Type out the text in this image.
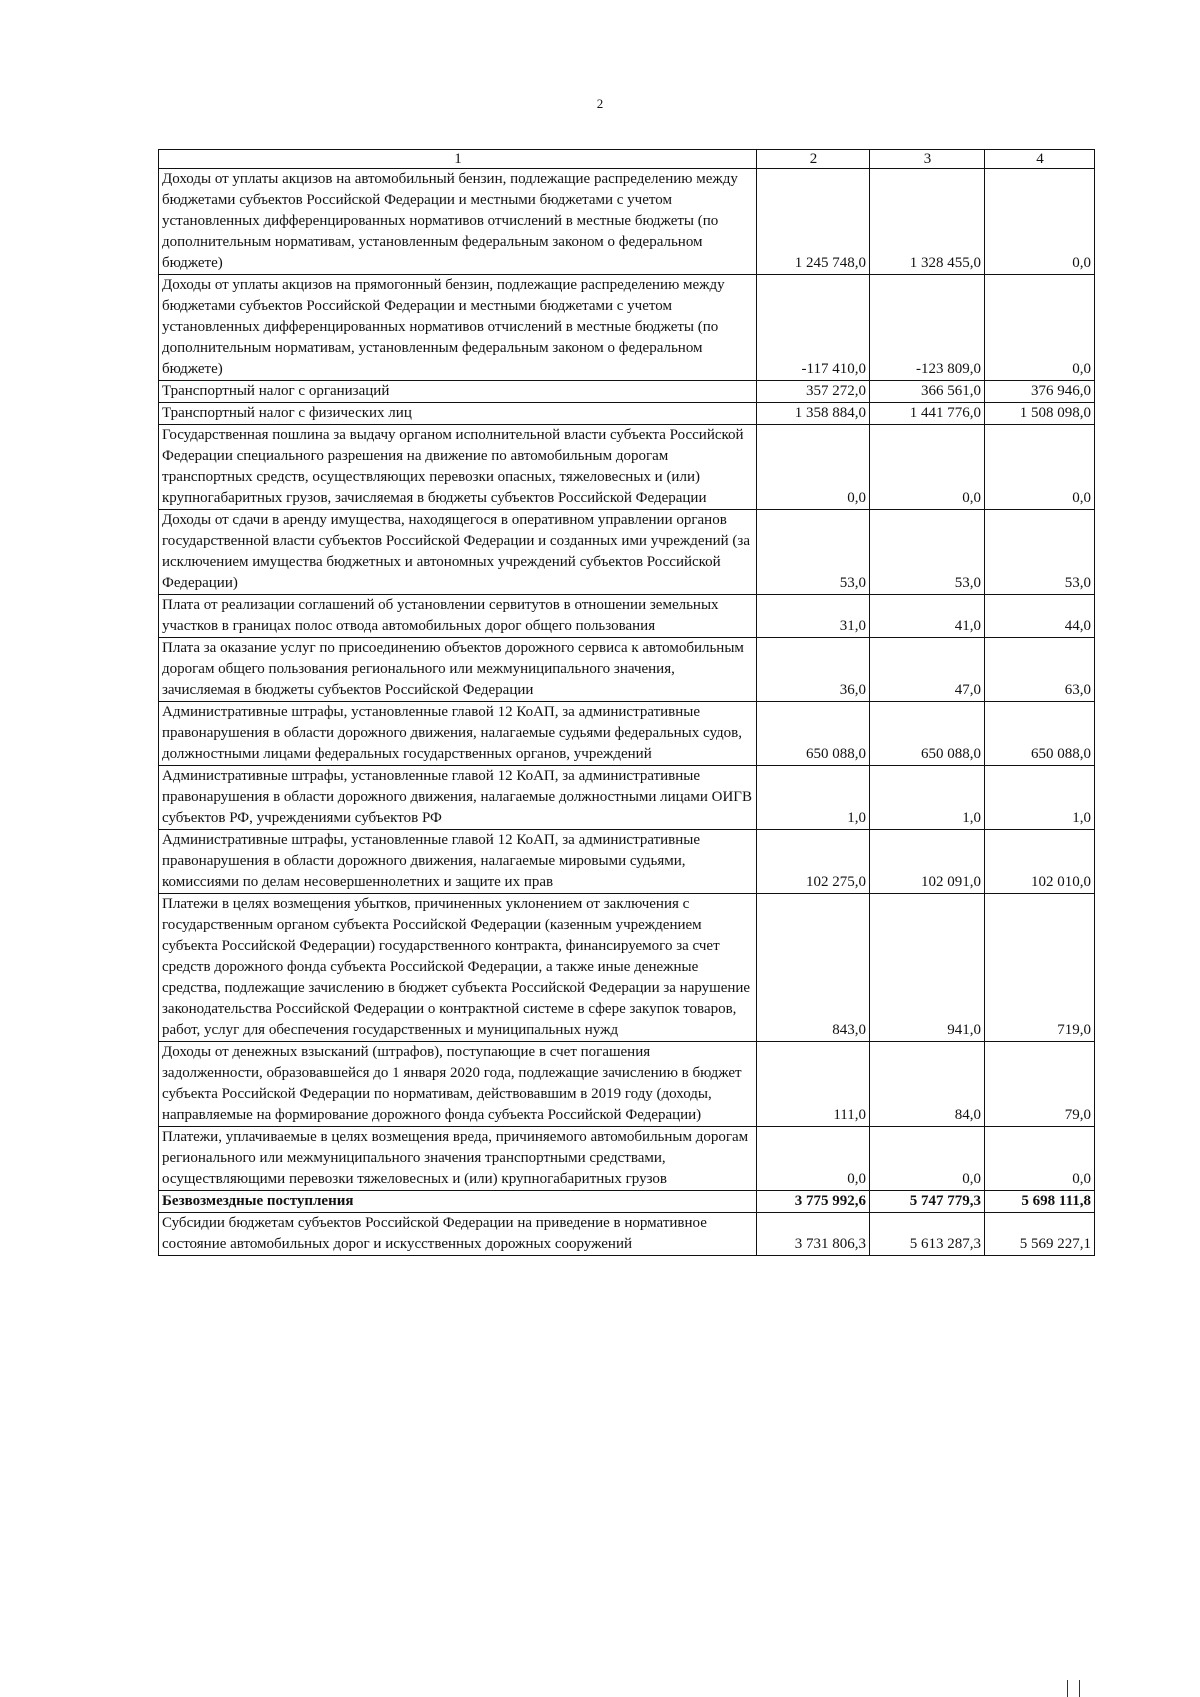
2
1	2	3	4
Доходы от уплаты акцизов на автомобильный бензин, подлежащие распределению между бюджетами субъектов Российской Федерации и местными бюджетами с учетом установленных дифференцированных нормативов отчислений в местные бюджеты (по дополнительным нормативам, установленным федеральным законом о федеральном бюджете)	1 245 748,0	1 328 455,0	0,0
Доходы от уплаты акцизов на прямогонный бензин, подлежащие распределению между бюджетами субъектов Российской Федерации и местными бюджетами с учетом установленных дифференцированных нормативов отчислений в местные бюджеты (по дополнительным нормативам, установленным федеральным законом о федеральном бюджете)	-117 410,0	-123 809,0	0,0
Транспортный налог с организаций	357 272,0	366 561,0	376 946,0
Транспортный налог с физических лиц	1 358 884,0	1 441 776,0	1 508 098,0
Государственная пошлина за выдачу органом исполнительной власти субъекта Российской Федерации специального разрешения на движение по автомобильным дорогам транспортных средств, осуществляющих перевозки опасных, тяжеловесных и (или) крупногабаритных грузов, зачисляемая в бюджеты субъектов Российской Федерации	0,0	0,0	0,0
Доходы от сдачи в аренду имущества, находящегося в оперативном управлении органов государственной власти субъектов Российской Федерации и созданных ими учреждений (за исключением имущества бюджетных и автономных учреждений субъектов Российской Федерации)	53,0	53,0	53,0
Плата от реализации соглашений об установлении сервитутов в отношении земельных участков в границах полос отвода автомобильных дорог общего пользования	31,0	41,0	44,0
Плата за оказание услуг по присоединению объектов дорожного сервиса к автомобильным дорогам общего пользования регионального или межмуниципального значения, зачисляемая в бюджеты субъектов Российской Федерации	36,0	47,0	63,0
Административные штрафы, установленные главой 12 КоАП, за административные правонарушения в области дорожного движения, налагаемые судьями федеральных судов, должностными лицами федеральных государственных органов, учреждений	650 088,0	650 088,0	650 088,0
Административные штрафы, установленные главой 12 КоАП, за административные правонарушения в области дорожного движения, налагаемые должностными лицами ОИГВ субъектов РФ, учреждениями субъектов РФ	1,0	1,0	1,0
Административные штрафы, установленные главой 12 КоАП, за административные правонарушения в области дорожного движения, налагаемые мировыми судьями, комиссиями по делам несовершеннолетних и защите их прав	102 275,0	102 091,0	102 010,0
Платежи в целях возмещения убытков, причиненных уклонением от заключения с государственным органом субъекта Российской Федерации (казенным учреждением субъекта Российской Федерации) государственного контракта, финансируемого за счет средств дорожного фонда субъекта Российской Федерации, а также иные денежные средства, подлежащие зачислению в бюджет субъекта Российской Федерации за нарушение законодательства Российской Федерации о контрактной системе в сфере закупок товаров, работ, услуг для обеспечения государственных и муниципальных нужд	843,0	941,0	719,0
Доходы от денежных взысканий (штрафов), поступающие в счет погашения задолженности, образовавшейся до 1 января 2020 года, подлежащие зачислению в бюджет субъекта Российской Федерации по нормативам, действовавшим в 2019 году (доходы, направляемые на формирование дорожного фонда субъекта Российской Федерации)	111,0	84,0	79,0
Платежи, уплачиваемые в целях возмещения вреда, причиняемого автомобильным дорогам регионального или межмуниципального значения транспортными средствами, осуществляющими перевозки тяжеловесных и (или) крупногабаритных грузов	0,0	0,0	0,0
Безвозмездные поступления	3 775 992,6	5 747 779,3	5 698 111,8
Субсидии бюджетам субъектов Российской Федерации на приведение в нормативное состояние автомобильных дорог и искусственных дорожных сооружений	3 731 806,3	5 613 287,3	5 569 227,1
